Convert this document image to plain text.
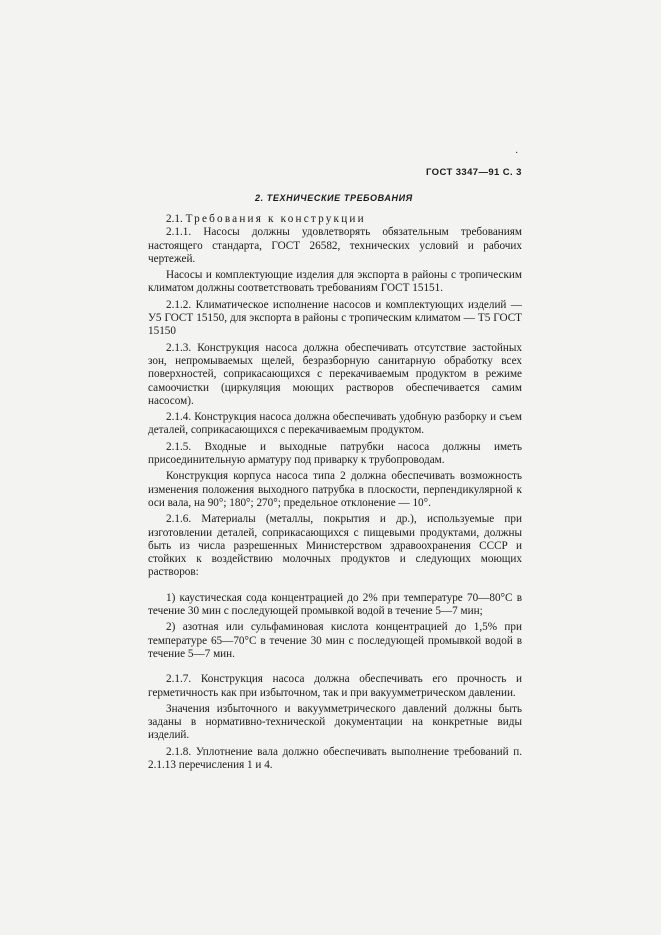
·
ГОСТ 3347—91 С. 3
2. ТЕХНИЧЕСКИЕ ТРЕБОВАНИЯ

2.1. Требования к конструкции

2.1.1. Насосы должны удовлетворять обязательным требованиям настоящего стандарта, ГОСТ 26582, технических условий и рабочих чертежей.

Насосы и комплектующие изделия для экспорта в районы с тропическим климатом должны соответствовать требованиям ГОСТ 15151.

2.1.2. Климатическое исполнение насосов и комплектующих изделий — У5 ГОСТ 15150, для экспорта в районы с тропическим климатом — Т5 ГОСТ 15150

2.1.3. Конструкция насоса должна обеспечивать отсутствие застойных зон, непромываемых щелей, безразборную санитарную обработку всех поверхностей, соприкасающихся с перекачиваемым продуктом в режиме самоочистки (циркуляция моющих растворов обеспечивается самим насосом).

2.1.4. Конструкция насоса должна обеспечивать удобную разборку и съем деталей, соприкасающихся с перекачиваемым продуктом.

2.1.5. Входные и выходные патрубки насоса должны иметь присоединительную арматуру под приварку к трубопроводам.

Конструкция корпуса насоса типа 2 должна обеспечивать возможность изменения положения выходного патрубка в плоскости, перпендикулярной к оси вала, на 90°; 180°; 270°; предельное отклонение — 10°.

2.1.6. Материалы (металлы, покрытия и др.), используемые при изготовлении деталей, соприкасающихся с пищевыми продуктами, должны быть из числа разрешенных Министерством здравоохранения СССР и стойких к воздействию молочных продуктов и следующих моющих растворов:

1) каустическая сода концентрацией до 2% при температуре 70—80°С в течение 30 мин с последующей промывкой водой в течение 5—7 мин;

2) азотная или сульфаминовая кислота концентрацией до 1,5% при температуре 65—70°С в течение 30 мин с последующей промывкой водой в течение 5—7 мин.

2.1.7. Конструкция насоса должна обеспечивать его прочность и герметичность как при избыточном, так и при вакуумметрическом давлении.

Значения избыточного и вакуумметрического давлений должны быть заданы в нормативно-технической документации на конкретные виды изделий.

2.1.8. Уплотнение вала должно обеспечивать выполнение требований п. 2.1.13 перечисления 1 и 4.
